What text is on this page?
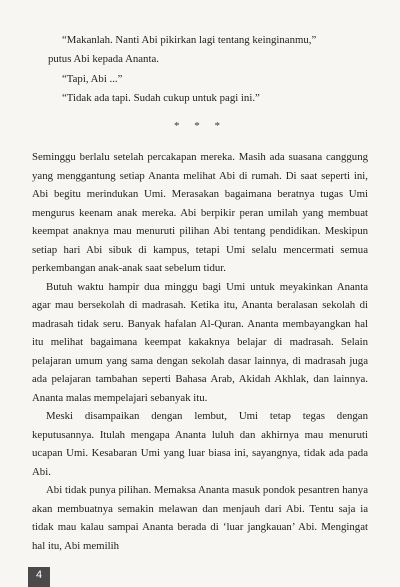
“Makanlah. Nanti Abi pikirkan lagi tentang keinginanmu,”

putus Abi kepada Ananta.

“Tapi, Abi ...”

“Tidak ada tapi. Sudah cukup untuk pagi ini.”

* * *

Seminggu berlalu setelah percakapan mereka. Masih ada suasana canggung yang menggantung setiap Ananta melihat Abi di rumah. Di saat seperti ini, Abi begitu merindukan Umi. Merasakan bagaimana beratnya tugas Umi mengurus keenam anak mereka. Abi berpikir peran umilah yang membuat keempat anaknya mau menuruti pilihan Abi tentang pendidikan. Meskipun setiap hari Abi sibuk di kampus, tetapi Umi selalu mencermati semua perkembangan anak-anak saat sebelum tidur.

Butuh waktu hampir dua minggu bagi Umi untuk meyakinkan Ananta agar mau bersekolah di madrasah. Ketika itu, Ananta beralasan sekolah di madrasah tidak seru. Banyak hafalan Al-Quran. Ananta membayangkan hal itu melihat bagaimana keempat kakaknya belajar di madrasah. Selain pelajaran umum yang sama dengan sekolah dasar lainnya, di madrasah juga ada pelajaran tambahan seperti Bahasa Arab, Akidah Akhlak, dan lainnya. Ananta malas mempelajari sebanyak itu.

Meski disampaikan dengan lembut, Umi tetap tegas dengan keputusannya. Itulah mengapa Ananta luluh dan akhirnya mau menuruti ucapan Umi. Kesabaran Umi yang luar biasa ini, sayangnya, tidak ada pada Abi.

Abi tidak punya pilihan. Memaksa Ananta masuk pondok pesantren hanya akan membuatnya semakin melawan dan menjauh dari Abi. Tentu saja ia tidak mau kalau sampai Ananta berada di ‘luar jangkauan’ Abi. Mengingat hal itu, Abi memilih

4
